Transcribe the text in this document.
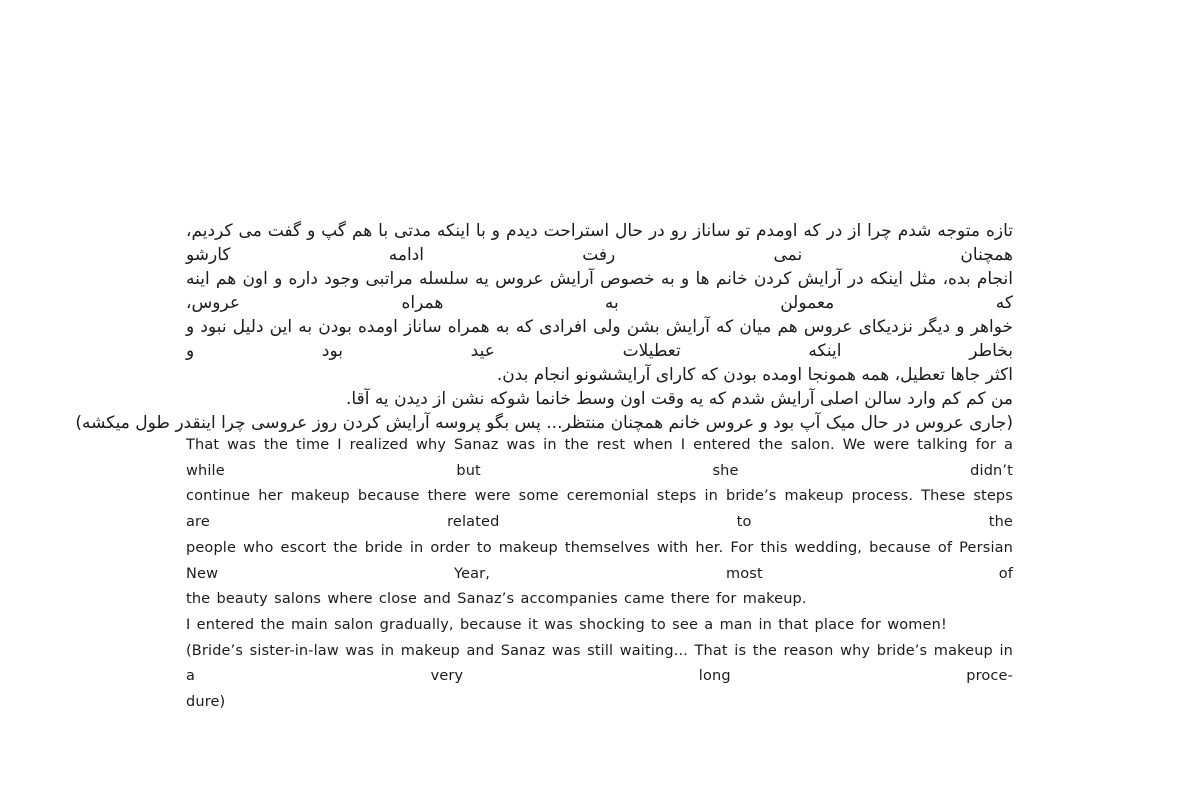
تازه متوجه شدم چرا از در که اومدم تو ساناز رو در حال استراحت دیدم و با اینکه مدتی با هم گپ و گفت می کردیم، همچنان نمی رفت ادامه کارشو
انجام بده، مثل اینکه در آرایش کردن خانم ها و به خصوص آرایش عروس یه سلسله مراتبی وجود داره و اون هم اینه که معمولن به همراه عروس،
خواهر و دیگر نزدیکای عروس هم میان که آرایش بشن ولی افرادی که به همراه ساناز اومده بودن به این دلیل نبود و بخاطر اینکه تعطیلات عید بود و
اکثر جاها تعطیل، همه همونجا اومده بودن که کارای آرایششونو انجام بدن.
من کم کم وارد سالن اصلی آرایش شدم که یه وقت اون وسط خانما شوکه نشن از دیدن یه آقا.
(جاری عروس در حال میک آپ بود و عروس خانم همچنان منتظر... پس بگو پروسه آرایش کردن روز عروسی چرا اینقدر طول میکشه)
That was the time I realized why Sanaz was in the rest when I entered the salon. We were talking for a while but she didn’t
continue her makeup because there were some ceremonial steps in bride’s makeup process. These steps are related to the
people who escort the bride in order to makeup themselves with her. For this wedding, because of Persian New Year, most of
the beauty salons where close and Sanaz’s accompanies came there for makeup.
I entered the main salon gradually, because it was shocking to see a man in that place for women!
(Bride’s sister-in-law was in makeup and Sanaz was still waiting... That is the reason why bride’s makeup in a very long proce-
dure)
